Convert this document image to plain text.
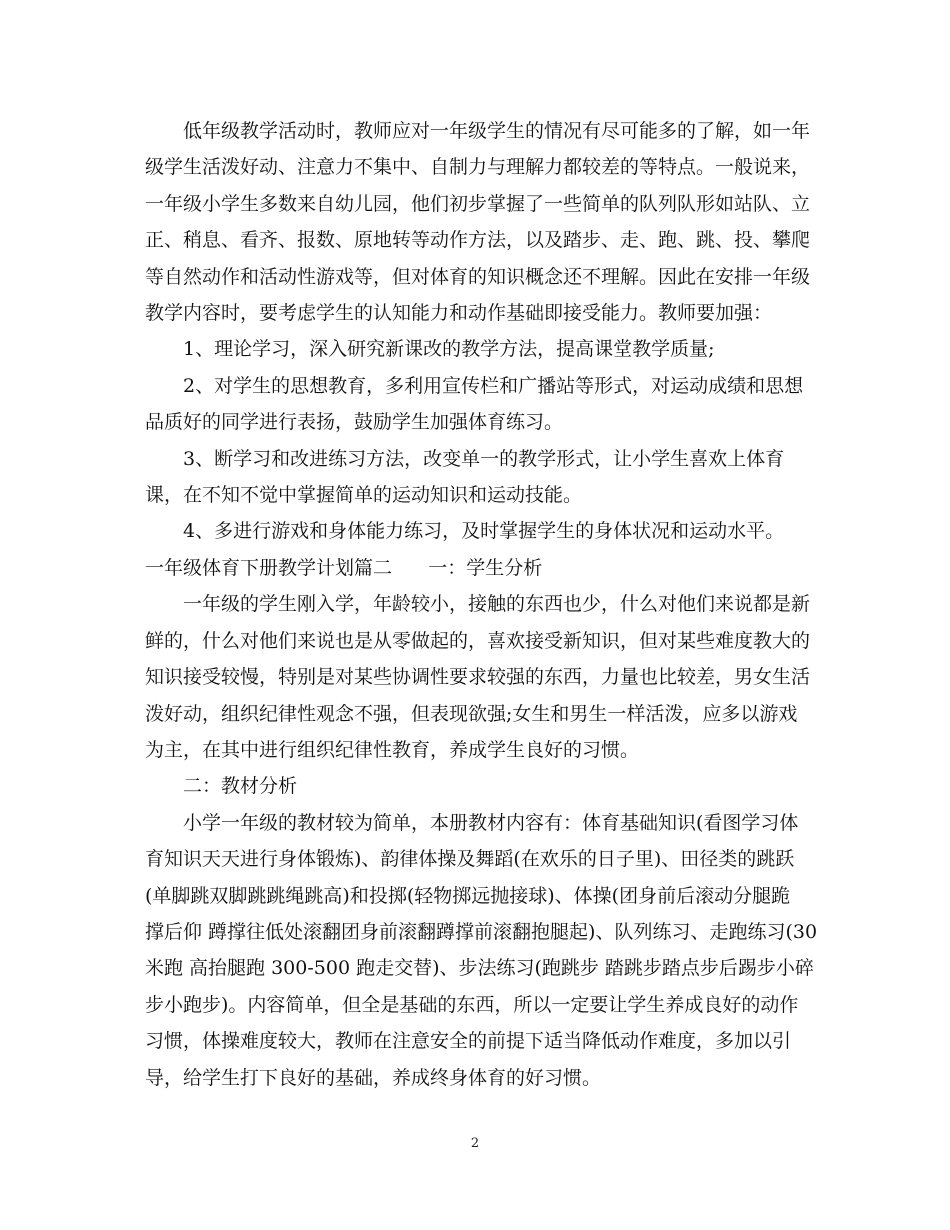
低年级教学活动时，教师应对一年级学生的情况有尽可能多的了解，如一年
级学生活泼好动、注意力不集中、自制力与理解力都较差的等特点。一般说来，
一年级小学生多数来自幼儿园，他们初步掌握了一些简单的队列队形如站队、立
正、稍息、看齐、报数、原地转等动作方法，以及踏步、走、跑、跳、投、攀爬
等自然动作和活动性游戏等，但对体育的知识概念还不理解。因此在安排一年级
教学内容时，要考虑学生的认知能力和动作基础即接受能力。教师要加强：

1、理论学习，深入研究新课改的教学方法，提高课堂教学质量;

2、对学生的思想教育，多利用宣传栏和广播站等形式，对运动成绩和思想
品质好的同学进行表扬，鼓励学生加强体育练习。

3、断学习和改进练习方法，改变单一的教学形式，让小学生喜欢上体育
课，在不知不觉中掌握简单的运动知识和运动技能。

4、多进行游戏和身体能力练习，及时掌握学生的身体状况和运动水平。

一年级体育下册教学计划篇二      一：学生分析

一年级的学生刚入学，年龄较小，接触的东西也少，什么对他们来说都是新
鲜的，什么对他们来说也是从零做起的，喜欢接受新知识，但对某些难度教大的
知识接受较慢，特别是对某些协调性要求较强的东西，力量也比较差，男女生活
泼好动，组织纪律性观念不强，但表现欲强;女生和男生一样活泼，应多以游戏
为主，在其中进行组织纪律性教育，养成学生良好的习惯。

二：教材分析

小学一年级的教材较为简单，本册教材内容有：体育基础知识(看图学习体
育知识天天进行身体锻炼)、韵律体操及舞蹈(在欢乐的日子里)、田径类的跳跃
(单脚跳双脚跳跳绳跳高)和投掷(轻物掷远抛接球)、体操(团身前后滚动分腿跪
撑后仰 蹲撑往低处滚翻团身前滚翻蹲撑前滚翻抱腿起)、队列练习、走跑练习(30
米跑 高抬腿跑 300-500 跑走交替)、步法练习(跑跳步 踏跳步踏点步后踢步小碎
步小跑步)。内容简单，但全是基础的东西，所以一定要让学生养成良好的动作
习惯，体操难度较大，教师在注意安全的前提下适当降低动作难度，多加以引
导，给学生打下良好的基础，养成终身体育的好习惯。

2
